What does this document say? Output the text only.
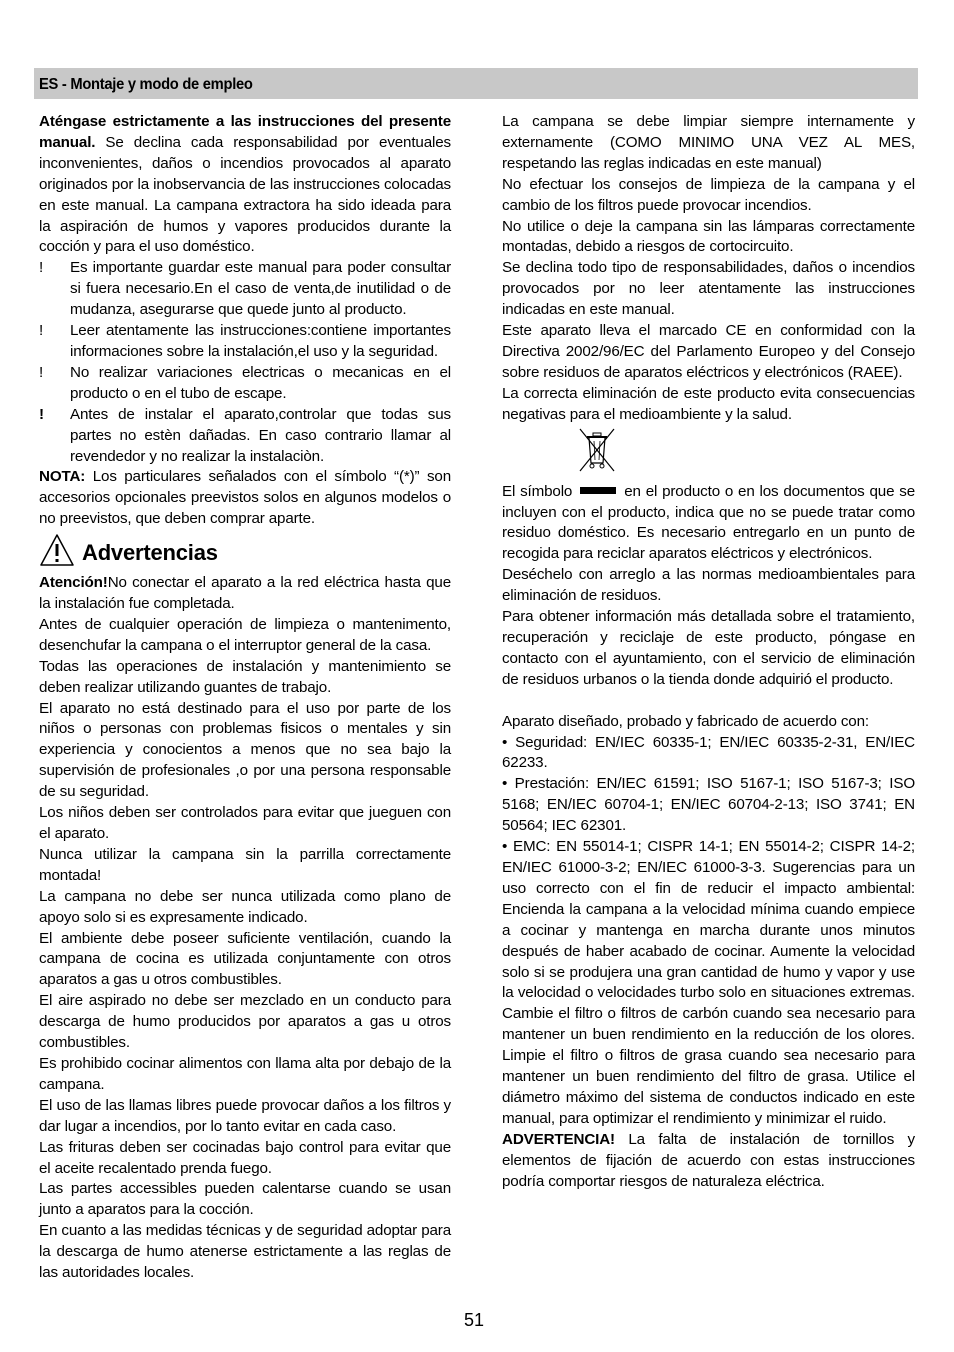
ES - Montaje y modo de empleo

Aténgase estrictamente a las instrucciones del presente manual. Se declina cada responsabilidad por eventuales inconvenientes, daños o incendios provocados al aparato originados por la inobservancia de las instrucciones colocadas en este manual. La campana extractora ha sido ideada para la aspiración de humos y vapores producidos durante la cocción y para el uso doméstico.

! Es importante guardar este manual para poder consultar si fuera necesario.En el caso de venta,de inutilidad o de mudanza, asegurarse que quede junto al producto.
! Leer atentamente las instrucciones:contiene importantes informaciones sobre la instalación,el uso y la seguridad.
! No realizar variaciones electricas o mecanicas en el producto o en el tubo de escape.
! Antes de instalar el aparato,controlar que todas sus partes no estèn dañadas. En caso contrario llamar al revendedor y no realizar la instalaciòn.

NOTA: Los particulares señalados con el símbolo “(*)” son accesorios opcionales preevistos solos en algunos modelos o no preevistos, que deben comprar aparte.

Advertencias

Atención!No conectar el aparato a la red eléctrica hasta que la instalación fue completada.

Antes de cualquier operación de limpieza o mantenimento, desenchufar la campana o el interruptor general de la casa.

Todas las operaciones de instalación y mantenimiento se deben realizar utilizando guantes de trabajo.

El aparato no está destinado para el uso por parte de los niños o personas con problemas fisicos o mentales y sin experiencia y conocientos a menos que no sea bajo la supervisión de profesionales ,o por una persona responsable de su seguridad.

Los niños deben ser controlados para evitar que jueguen con el aparato.

Nunca utilizar la campana sin la parrilla correctamente montada!

La campana no debe ser nunca utilizada como plano de apoyo solo si es expresamente indicado.

El ambiente debe poseer suficiente ventilación, cuando la campana de cocina es utilizada conjuntamente con otros aparatos a gas u otros combustibles.

El aire aspirado no debe ser mezclado en un conducto para descarga de humo producidos por aparatos a gas u otros combustibles.

Es prohibido cocinar alimentos con llama alta por debajo de la campana.

El uso de las llamas libres puede provocar daños a los filtros y dar lugar a incendios, por lo tanto evitar en cada caso.

Las frituras deben ser cocinadas bajo control para evitar que el aceite recalentado prenda fuego.

Las partes accessibles pueden calentarse cuando se usan junto a aparatos para la cocción.

En cuanto a las medidas técnicas y de seguridad adoptar para la descarga de humo atenerse estrictamente a las reglas de las autoridades locales.

La campana se debe limpiar siempre internamente y externamente (COMO MINIMO UNA VEZ AL MES, respetando las reglas indicadas en este manual)

No efectuar los consejos de limpieza de la campana y el cambio de los filtros puede provocar incendios.

No utilice o deje la campana sin las lámparas correctamente montadas, debido a riesgos de cortocircuito.

Se declina todo tipo de responsabilidades, daños o incendios provocados por no leer atentamente las instrucciones indicadas en este manual.

Este aparato lleva el marcado CE en conformidad con la Directiva 2002/96/EC del Parlamento Europeo y del Consejo sobre residuos de aparatos eléctricos y electrónicos (RAEE).

La correcta eliminación de este producto evita consecuencias negativas para el medioambiente y la salud.

El símbolo	en el producto o en los documentos que se incluyen con el producto, indica que no se puede tratar como residuo doméstico. Es necesario entregarlo en un punto de recogida para reciclar aparatos eléctricos y electrónicos.

Deséchelo con arreglo a las normas medioambientales para eliminación de residuos.

Para obtener información más detallada sobre el tratamiento, recuperación y reciclaje de este producto, póngase en contacto con el ayuntamiento, con el servicio de eliminación de residuos urbanos o la tienda donde adquirió el producto.

Aparato diseñado, probado y fabricado de acuerdo con:

• Seguridad: EN/IEC 60335-1; EN/IEC 60335-2-31, EN/IEC 62233.

• Prestación: EN/IEC 61591; ISO 5167-1; ISO 5167-3; ISO 5168; EN/IEC 60704-1; EN/IEC 60704-2-13; ISO 3741; EN 50564; IEC 62301.

• EMC: EN 55014-1; CISPR 14-1; EN 55014-2; CISPR 14-2; EN/IEC 61000-3-2; EN/IEC 61000-3-3. Sugerencias para un uso correcto con el fin de reducir el impacto ambiental: Encienda la campana a la velocidad mínima cuando empiece a cocinar y mantenga en marcha durante unos minutos después de haber acabado de cocinar. Aumente la velocidad solo si se produjera una gran cantidad de humo y vapor y use la velocidad o velocidades turbo solo en situaciones extremas. Cambie el filtro o filtros de carbón cuando sea necesario para mantener un buen rendimiento en la reducción de los olores. Limpie el filtro o filtros de grasa cuando sea necesario para mantener un buen rendimiento del filtro de grasa. Utilice el diámetro máximo del sistema de conductos indicado en este manual, para optimizar el rendimiento y minimizar el ruido.

ADVERTENCIA! La falta de instalación de tornillos y elementos de fijación de acuerdo con estas instrucciones podría comportar riesgos de naturaleza eléctrica.

51
